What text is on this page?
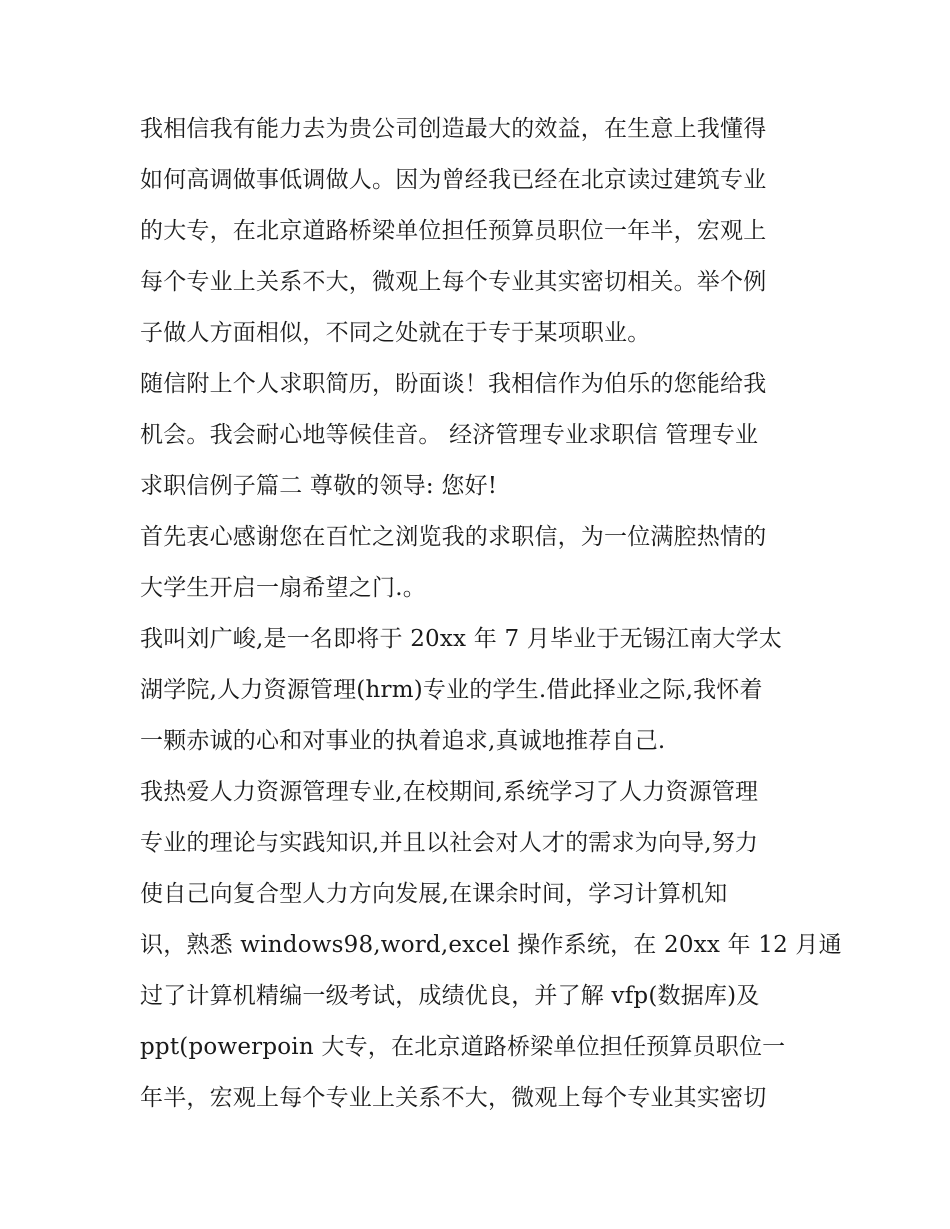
我相信我有能力去为贵公司创造最大的效益，在生意上我懂得
如何高调做事低调做人。因为曾经我已经在北京读过建筑专业
的大专，在北京道路桥梁单位担任预算员职位一年半，宏观上
每个专业上关系不大，微观上每个专业其实密切相关。举个例
子做人方面相似，不同之处就在于专于某项职业。
随信附上个人求职简历，盼面谈！我相信作为伯乐的您能给我
机会。我会耐心地等候佳音。 经济管理专业求职信 管理专业
求职信例子篇二 尊敬的领导: 您好!
首先衷心感谢您在百忙之浏览我的求职信，为一位满腔热情的
大学生开启一扇希望之门.。
我叫刘广峻,是一名即将于 20xx 年 7 月毕业于无锡江南大学太
湖学院,人力资源管理(hrm)专业的学生.借此择业之际,我怀着
一颗赤诚的心和对事业的执着追求,真诚地推荐自己.
我热爱人力资源管理专业,在校期间,系统学习了人力资源管理
专业的理论与实践知识,并且以社会对人才的需求为向导,努力
使自己向复合型人力方向发展,在课余时间，学习计算机知
识，熟悉 windows98,word,excel 操作系统，在 20xx 年 12 月通
过了计算机精编一级考试，成绩优良，并了解 vfp(数据库)及
ppt(powerpoin 大专，在北京道路桥梁单位担任预算员职位一
年半，宏观上每个专业上关系不大，微观上每个专业其实密切
